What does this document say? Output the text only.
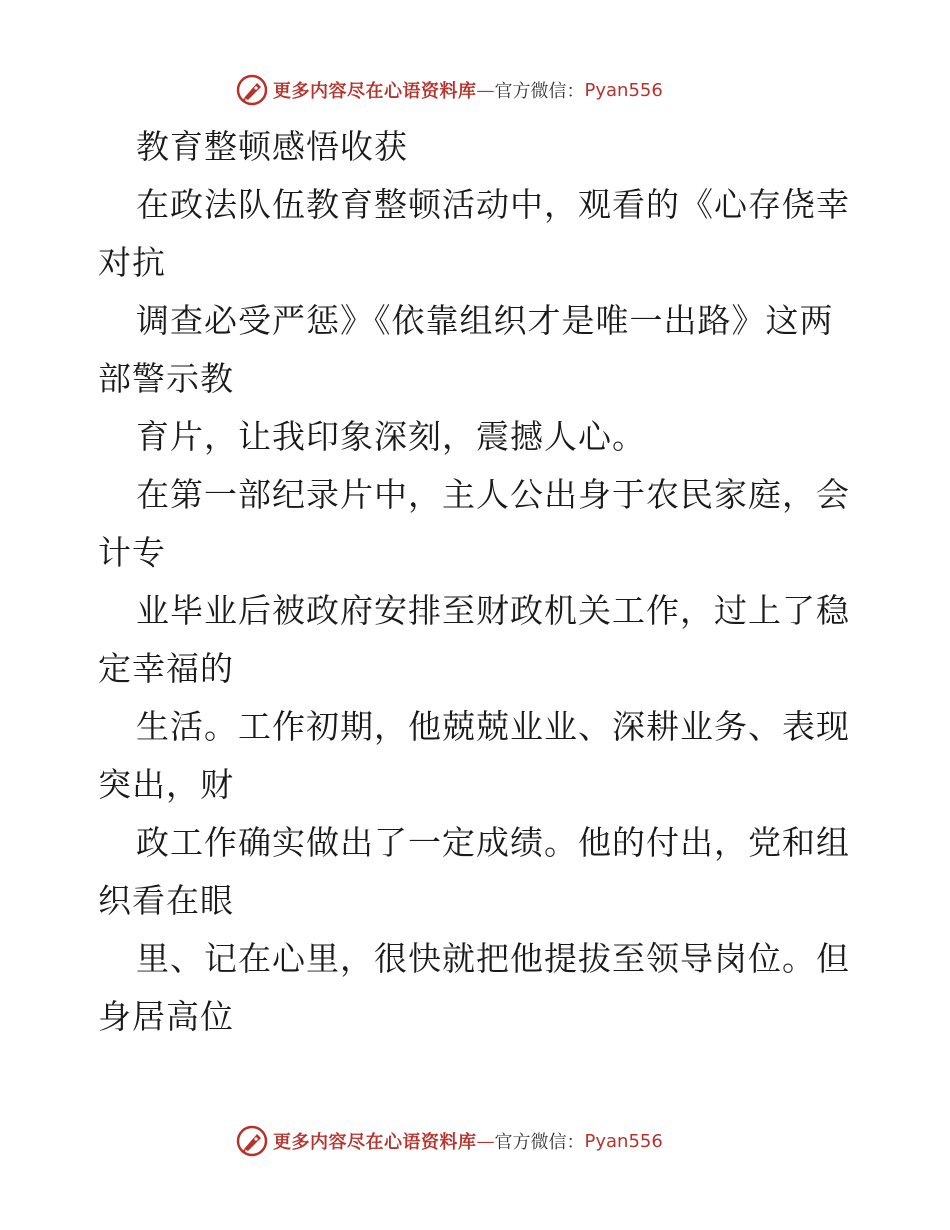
更多内容尽在心语资料库 — 官方微信： Pyan556
教育整顿感悟收获
在政法队伍教育整顿活动中，观看的《心存侥幸
对抗
调查必受严惩》《依靠组织才是唯一出路》这两
部警示教
育片，让我印象深刻，震撼人心。
在第一部纪录片中，主人公出身于农民家庭，会
计专
业毕业后被政府安排至财政机关工作，过上了稳
定幸福的
生活。工作初期，他兢兢业业、深耕业务、表现
突出，财
政工作确实做出了一定成绩。他的付出，党和组
织看在眼
里、记在心里，很快就把他提拔至领导岗位。但
身居高位
更多内容尽在心语资料库 — 官方微信： Pyan556
